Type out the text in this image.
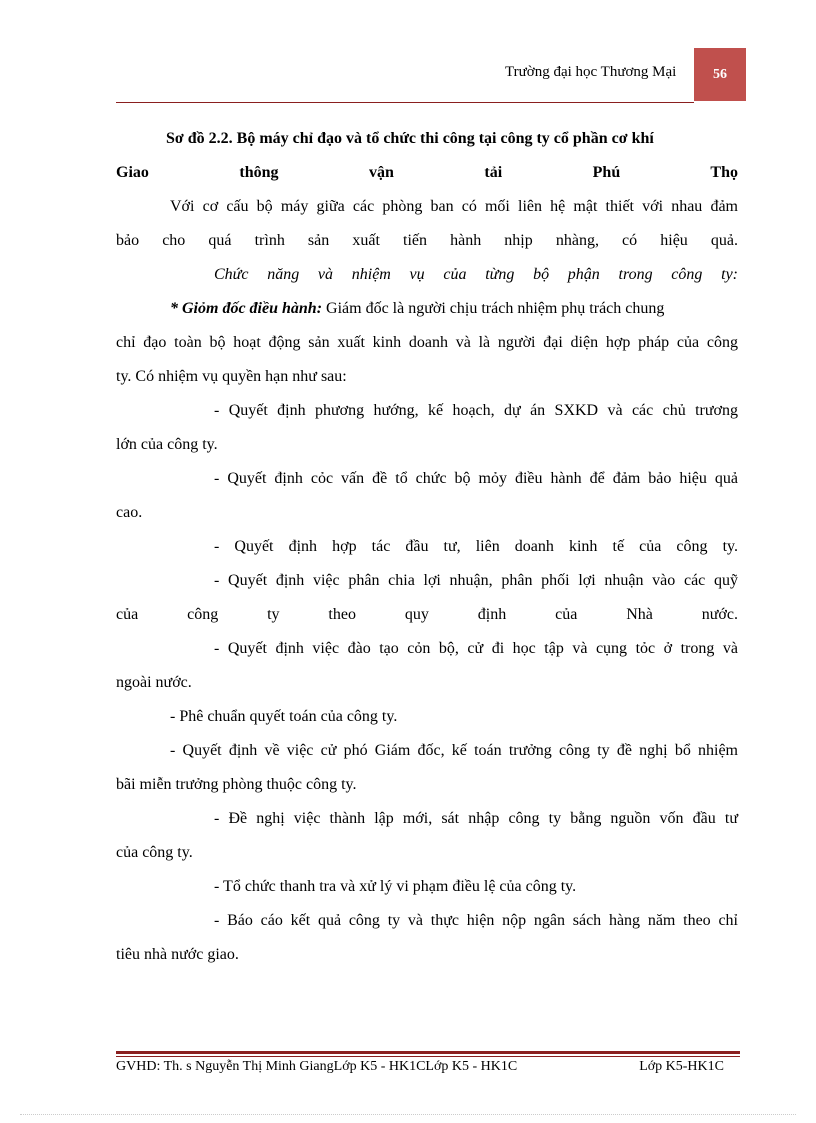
Trường đại học Thương Mại	56
Sơ đồ 2.2. Bộ máy chỉ đạo và tổ chức thi công tại công ty cổ phần cơ khí
Giao thông vận tải Phú Thọ
Với cơ cấu bộ máy giữa các phòng ban có mối liên hệ mật thiết với nhau đảm
bảo cho quá trình sản xuất tiến hành nhịp nhàng, có hiệu quả.
Chức năng và nhiệm vụ của từng bộ phận trong công ty:
* Giỏm đốc điều hành: Giám đốc là người chịu trách nhiệm phụ trách chung
chỉ đạo toàn bộ hoạt động sản xuất kinh doanh và là người đại diện hợp pháp của công
ty. Có nhiệm vụ quyền hạn như sau:
- Quyết định phương hướng, kế hoạch, dự án SXKD và các chủ trương
lớn của công ty.
- Quyết định cỏc vấn đề tổ chức bộ mỏy điều hành để đảm bảo hiệu quả
cao.
- Quyết định hợp tác đầu tư, liên doanh kinh tế của công ty.
- Quyết định việc phân chia lợi nhuận, phân phối lợi nhuận vào các quỹ
của công ty theo quy định của Nhà nước.
- Quyết định việc đào tạo cỏn bộ, cử đi học tập và cụng tỏc ở trong và
ngoài nước.
- Phê chuẩn quyết toán của công ty.
- Quyết định về việc cử phó Giám đốc, kế toán trưởng công ty đề nghị bổ nhiệm
bãi miễn trưởng phòng thuộc công ty.
- Đề nghị việc thành lập mới, sát nhập công ty bằng nguồn vốn đầu tư
của công ty.
- Tổ chức thanh tra và xử lý vi phạm điều lệ của công ty.
- Báo cáo kết quả công ty và thực hiện nộp ngân sách hàng năm theo chỉ
tiêu nhà nước giao.
GVHD: Th. s Nguyễn Thị Minh GiangLớp K5 - HK1CLớp K5 - HK1C	Lớp K5-HK1C
